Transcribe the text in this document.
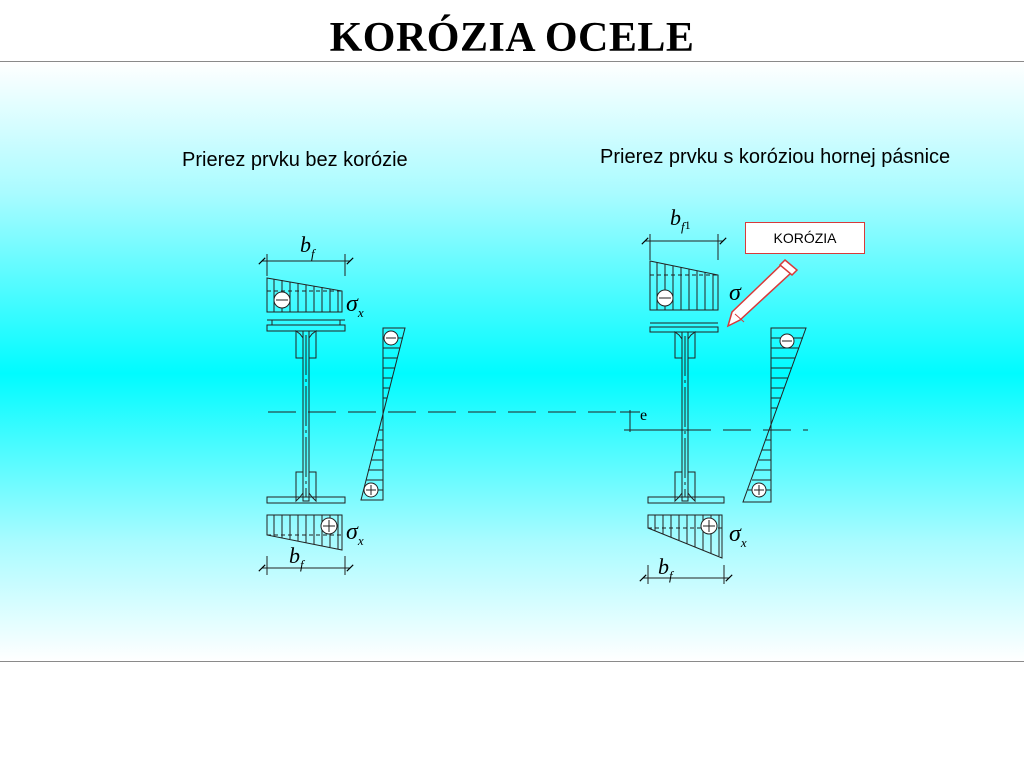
KORÓZIA OCELE
Prierez prvku bez korózie	Prierez prvku s koróziou hornej pásnice
$b_f$
$\sigma_x$
$\sigma_x$
$b_f$
$b_f1$
σ
$\sigma_x$
$b_f$
e
KORÓZIA
